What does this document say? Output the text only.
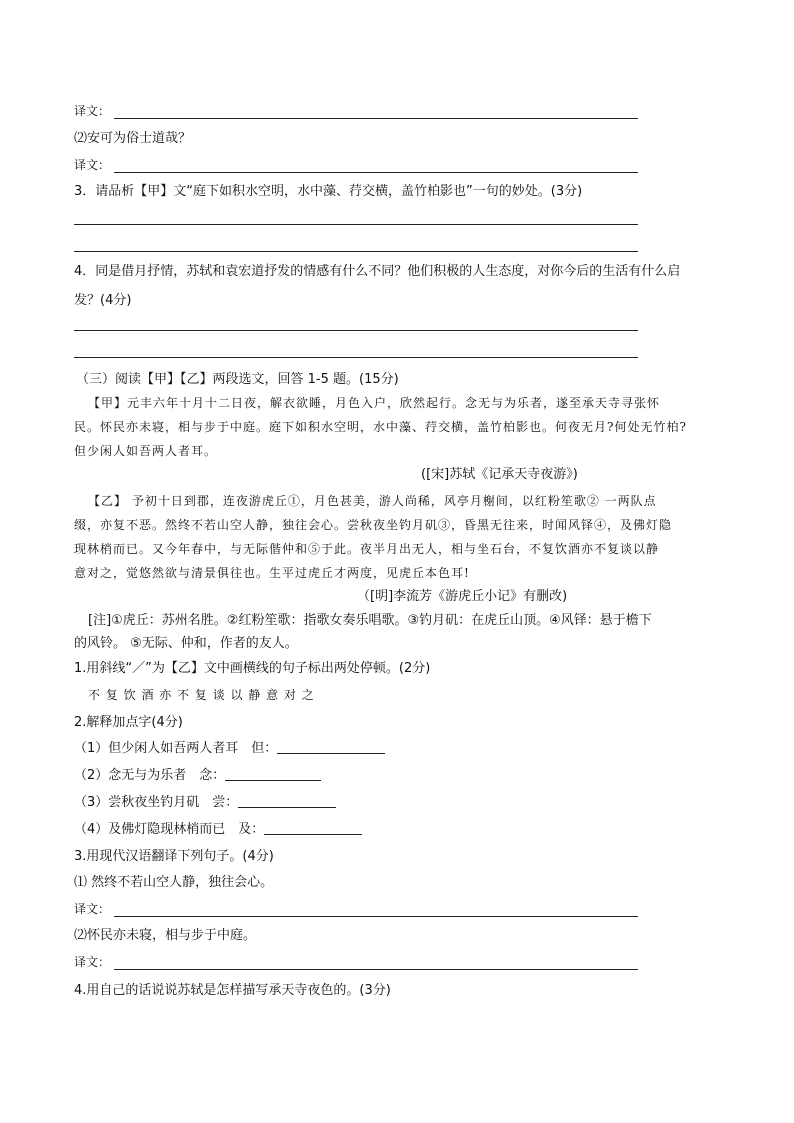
译文：
⑵安可为俗士道哉？
译文：
3．请品析【甲】文“庭下如积水空明，水中藻、荇交横，盖竹柏影也”一句的妙处。(3分)
4．同是借月抒情，苏轼和袁宏道抒发的情感有什么不同？他们积极的人生态度，对你今后的生活有什么启
发？(4分)
（三）阅读【甲】【乙】两段选文，回答 1-5 题。(15分)
【甲】元丰六年十月十二日夜，解衣欲睡，月色入户，欣然起行。念无与为乐者，遂至承天寺寻张怀
民。怀民亦未寝，相与步于中庭。庭下如积水空明，水中藻、荇交横，盖竹柏影也。何夜无月?何处无竹柏?
但少闲人如吾两人者耳。
([宋]苏轼《记承天寺夜游》)
【乙】 予初十日到郡，连夜游虎丘①，月色甚美，游人尚稀，风亭月榭间，以红粉笙歌② 一两队点
缀，亦复不恶。然终不若山空人静，独往会心。尝秋夜坐钓月矶③，昏黑无往来，时闻风铎④，及佛灯隐
现林梢而已。又今年春中，与无际偕仲和⑤于此。夜半月出无人，相与坐石台，不复饮酒亦不复谈以静
意对之，觉悠然欲与清景俱往也。生平过虎丘才两度，见虎丘本色耳!
（[明]李流芳《游虎丘小记》有删改)
[注]①虎丘：苏州名胜。②红粉笙歌：指歌女奏乐唱歌。③钓月矶：在虎丘山顶。④风铎：悬于檐下
的风铃。 ⑤无际、仲和，作者的友人。
1.用斜线“／”为【乙】文中画横线的句子标出两处停顿。(2分)
不 复 饮 酒 亦 不 复 谈 以 静 意 对 之
2.解释加点字(4分)
（1）但少闲人如吾两人者耳　但：
（2）念无与为乐者　念：
（3）尝秋夜坐钓月矶　尝：
（4）及佛灯隐现林梢而已　及：
3.用现代汉语翻译下列句子。(4分)
⑴ 然终不若山空人静，独往会心。
译文：
⑵怀民亦未寝，相与步于中庭。
译文：
4.用自己的话说说苏轼是怎样描写承天寺夜色的。(3分)
